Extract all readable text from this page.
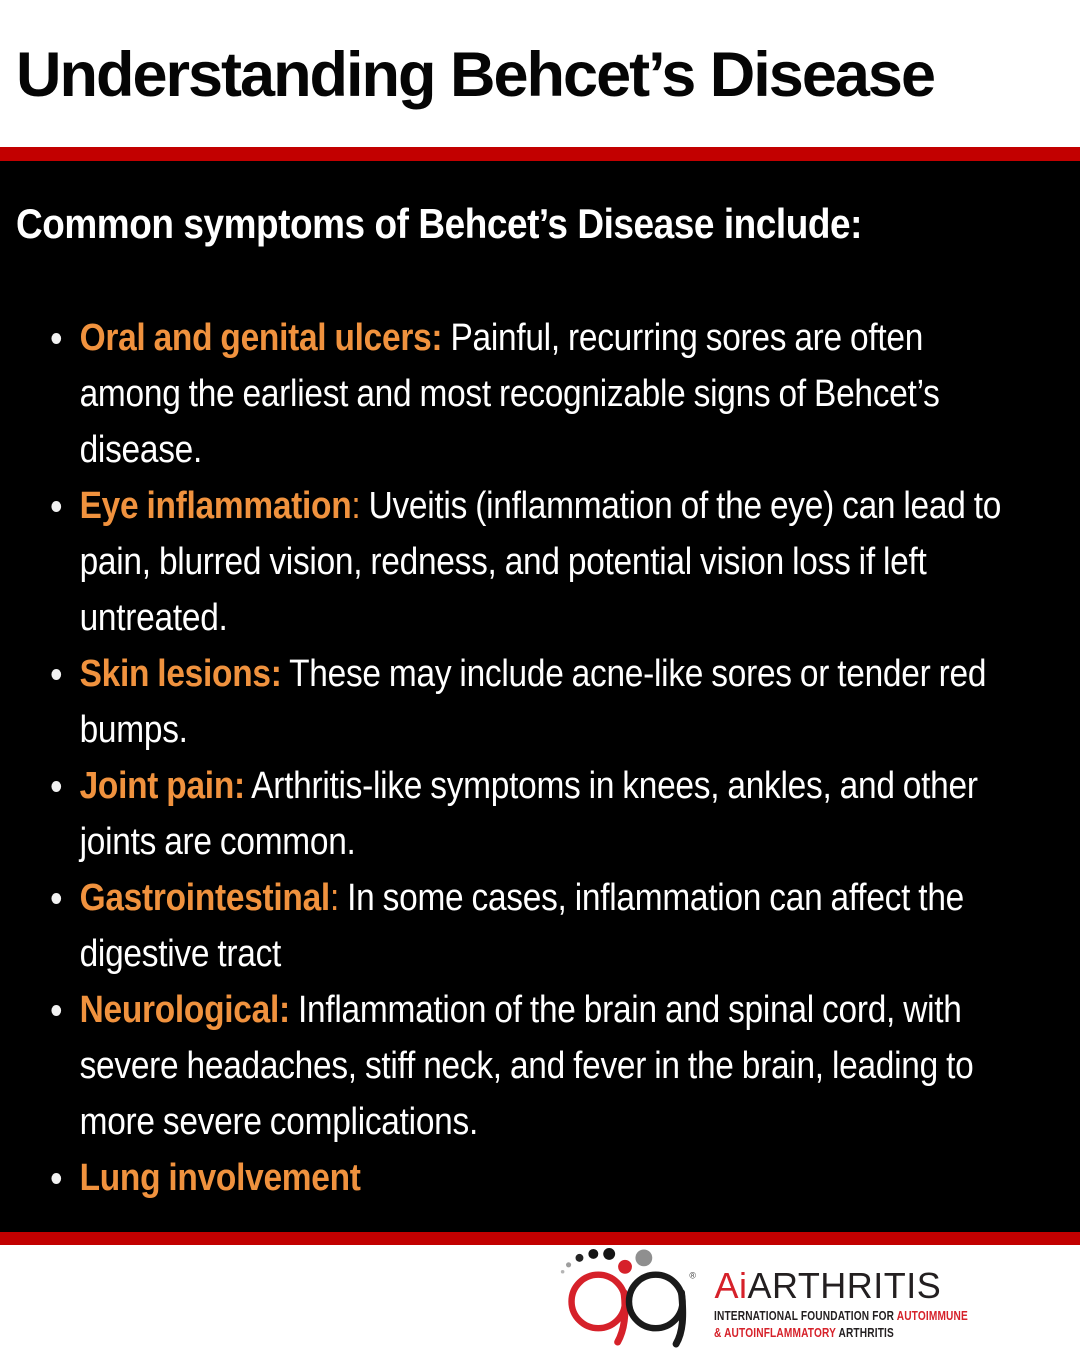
Understanding Behcet’s Disease
Common symptoms of Behcet’s Disease include:
Oral and genital ulcers: Painful, recurring sores are often among the earliest and most recognizable signs of Behcet’s disease.
Eye inflammation: Uveitis (inflammation of the eye) can lead to pain, blurred vision, redness, and potential vision loss if left untreated.
Skin lesions: These may include acne-like sores or tender red bumps.
Joint pain: Arthritis-like symptoms in knees, ankles, and other joints are common.
Gastrointestinal: In some cases, inflammation can affect the digestive tract
Neurological: Inflammation of the brain and spinal cord, with severe headaches, stiff neck, and fever in the brain, leading to more severe complications.
Lung involvement
® AiARTHRITIS
INTERNATIONAL FOUNDATION FOR AUTOIMMUNE
& AUTOINFLAMMATORY ARTHRITIS
